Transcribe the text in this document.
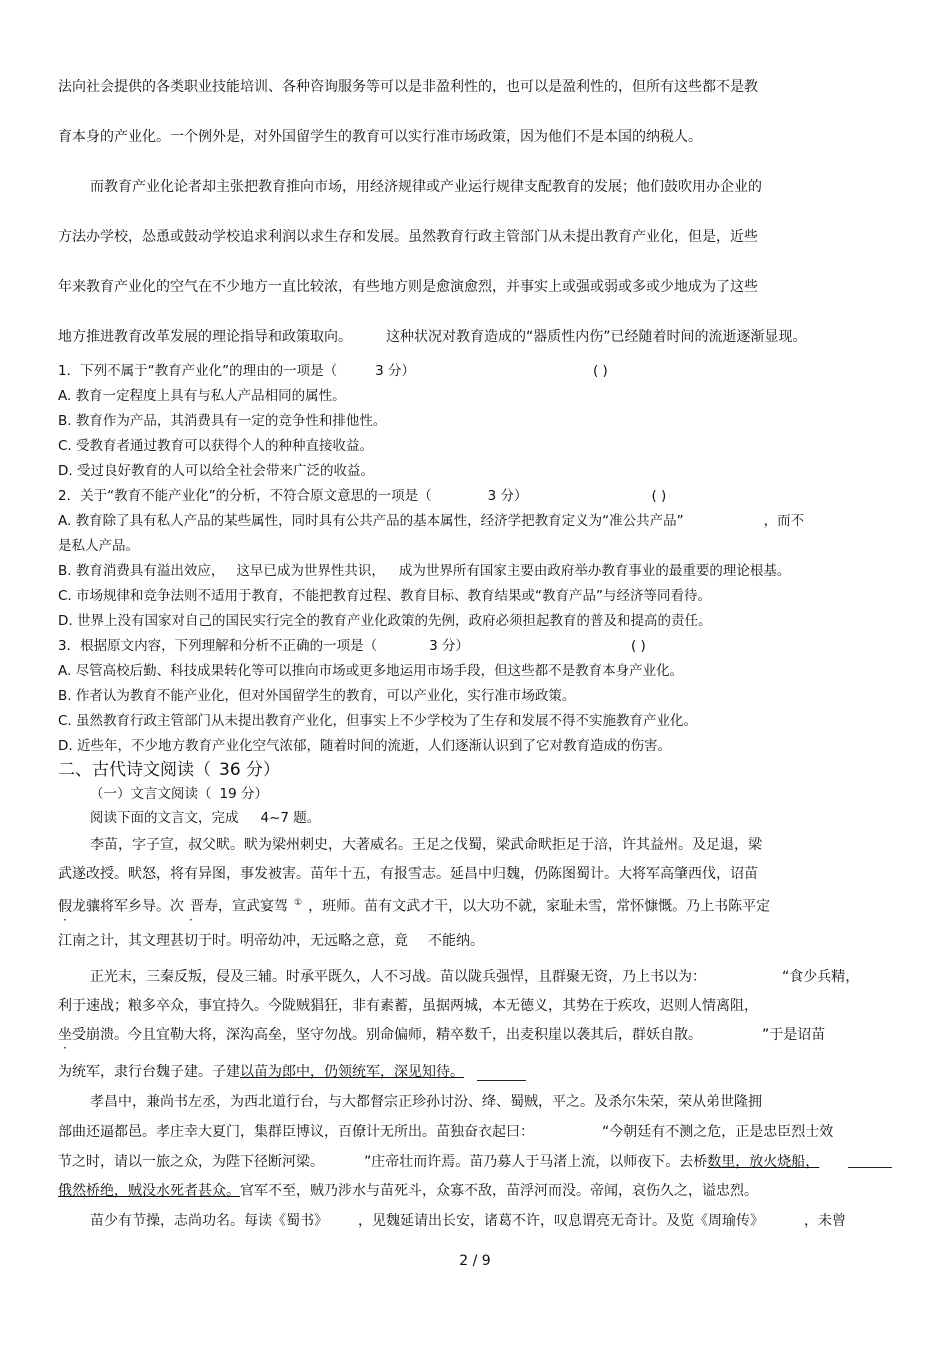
法向社会提供的各类职业技能培训、各种咨询服务等可以是非盈利性的，也可以是盈利性的，但所有这些都不是教
育本身的产业化。一个例外是，对外国留学生的教育可以实行准市场政策，因为他们不是本国的纳税人。
而教育产业化论者却主张把教育推向市场，用经济规律或产业运行规律支配教育的发展；他们鼓吹用办企业的
方法办学校，怂恿或鼓动学校追求利润以求生存和发展。虽然教育行政主管部门从未提出教育产业化，但是，近些
年来教育产业化的空气在不少地方一直比较浓，有些地方则是愈演愈烈，并事实上或强或弱或多或少地成为了这些
地方推进教育改革发展的理论指导和政策取向。 这种状况对教育造成的“器质性内伤”已经随着时间的流逝逐渐显现。
1．下列不属于“教育产业化”的理由的一项是（	3 分）	( )
A. 教育一定程度上具有与私人产品相同的属性。
B. 教育作为产品，其消费具有一定的竞争性和排他性。
C. 受教育者通过教育可以获得个人的种种直接收益。
D. 受过良好教育的人可以给全社会带来广泛的收益。
2．关于“教育不能产业化”的分析，不符合原文意思的一项是（	3 分）	( )
A. 教育除了具有私人产品的某些属性，同时具有公共产品的基本属性，经济学把教育定义为“准公共产品”	，而不
是私人产品。
B. 教育消费具有溢出效应， 这早已成为世界性共识， 成为世界所有国家主要由政府举办教育事业的最重要的理论根基。
C. 市场规律和竞争法则不适用于教育，不能把教育过程、教育目标、教育结果或“教育产品”与经济等同看待。
D. 世界上没有国家对自己的国民实行完全的教育产业化政策的先例，政府必须担起教育的普及和提高的责任。
3．根据原文内容，下列理解和分析不正确的一项是（	3 分）	( )
A. 尽管高校后勤、科技成果转化等可以推向市场或更多地运用市场手段，但这些都不是教育本身产业化。
B. 作者认为教育不能产业化，但对外国留学生的教育，可以产业化，实行准市场政策。
C. 虽然教育行政主管部门从未提出教育产业化，但事实上不少学校为了生存和发展不得不实施教育产业化。
D. 近些年，不少地方教育产业化空气浓郁，随着时间的流逝，人们逐渐认识到了它对教育造成的伤害。
二、古代诗文阅读（ 36 分）
（一）文言文阅读（ 19 分）
阅读下面的文言文，完成 4~7 题。
李苗，字子宣，叔父畎。畎为梁州刺史，大著威名。王足之伐蜀，梁武命畎拒足于涪，许其益州。及足退，梁
武遂改授。畎怒，将有异图，事发被害。苗年十五，有报雪志。延昌中归魏，仍陈图蜀计。大将军高肇西伐，诏苗
假龙骧将军乡导。次 晋寿，宣武宴驾 ① ，班师。苗有文武才干，以大功不就，家耻未雪，常怀慷慨。乃上书陈平定
江南之计，其文理甚切于时。明帝幼冲，无远略之意，竟 不能纳。
正光末，三秦反叛，侵及三辅。时承平既久，人不习战。苗以陇兵强悍，且群聚无资，乃上书以为：	“食少兵精，
利于速战；粮多卒众，事宜持久。今陇贼猖狂，非有素蓄，虽据两城，本无德义，其势在于疾攻，迟则人情离阻，
坐受崩溃。今且宜勒大将，深沟高垒，坚守勿战。别命偏师，精卒数千，出麦积崖以袭其后，群妖自散。	”于是诏苗
为统军，隶行台魏子建。子建以苗为郎中，仍领统军，深见知待。
孝昌中，兼尚书左丞，为西北道行台，与大都督宗正珍孙讨汾、绛、蜀贼，平之。及杀尔朱荣，荣从弟世隆拥
部曲还逼都邑。孝庄幸大夏门，集群臣博议，百僚计无所出。苗独奋衣起曰：	“今朝廷有不测之危，正是忠臣烈士效
节之时，请以一旅之众，为陛下径断河梁。	”庄帝壮而许焉。苗乃募人于马渚上流，以师夜下。去桥数里，放火烧船，
俄然桥绝，贼没水死者甚众。官军不至，贼乃涉水与苗死斗，众寡不敌，苗浮河而没。帝闻，哀伤久之，谥忠烈。
苗少有节操，志尚功名。每读《蜀书》 ，见魏延请出长安，诸葛不许，叹息谓亮无奇计。及览《周瑜传》	，未曾
2 / 9
